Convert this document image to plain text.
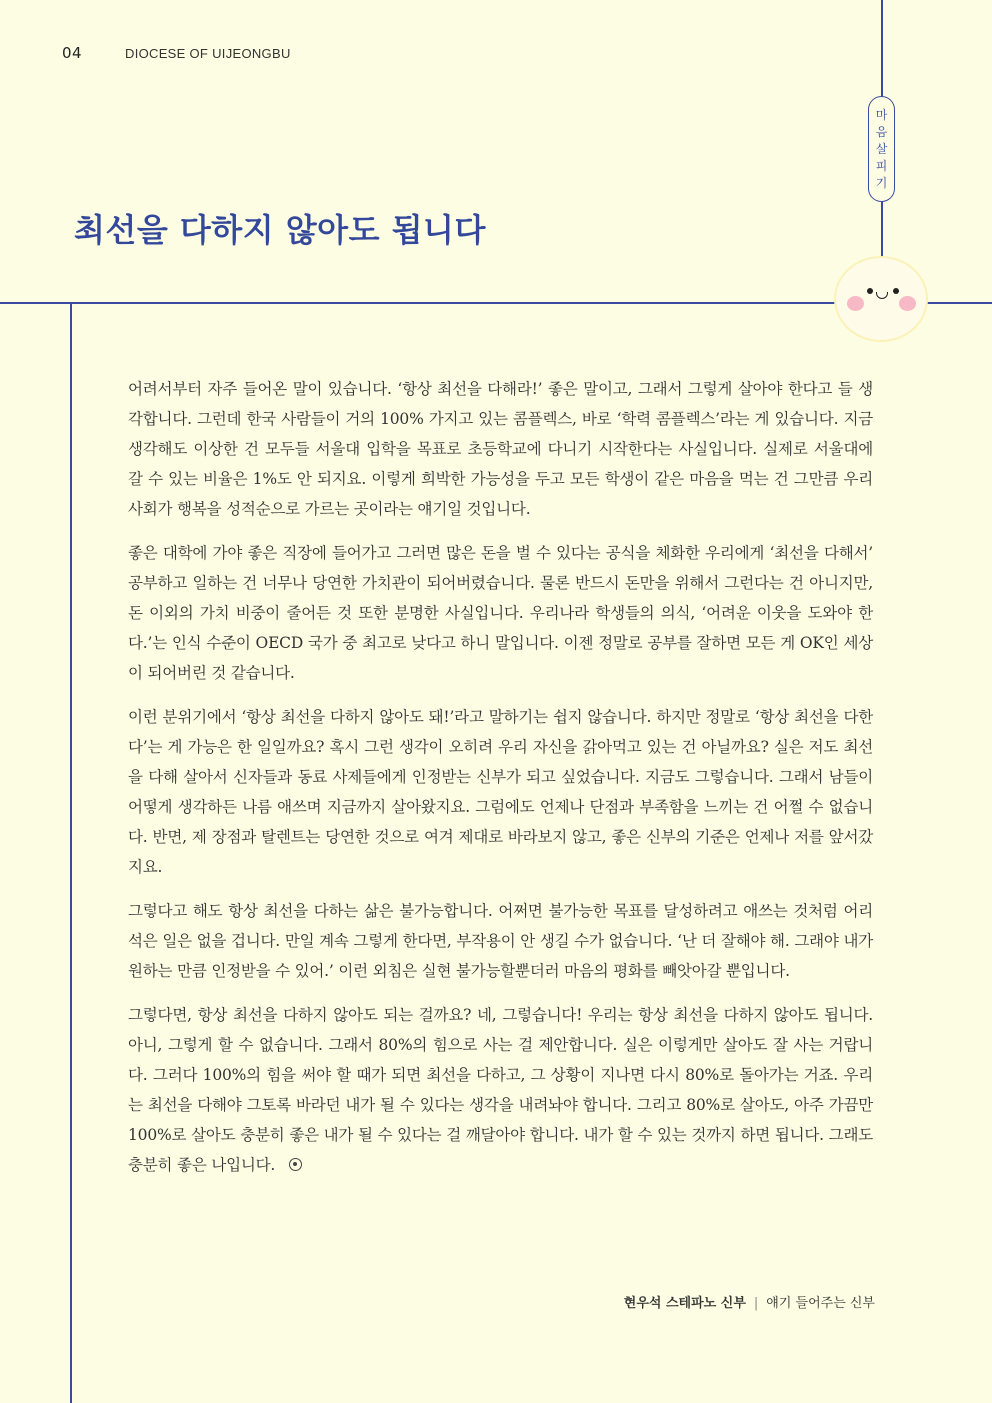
04	DIOCESE OF UIJEONGBU
마
음
살
피
기
최선을 다하지 않아도 됩니다

어려서부터 자주 들어온 말이 있습니다. ‘항상 최선을 다해라!’ 좋은 말이고, 그래서 그렇게 살아야 한다고 들 생각합니다. 그런데 한국 사람들이 거의 100% 가지고 있는 콤플렉스, 바로 ‘학력 콤플렉스’라는 게 있습니다. 지금 생각해도 이상한 건 모두들 서울대 입학을 목표로 초등학교에 다니기 시작한다는 사실입니다. 실제로 서울대에 갈 수 있는 비율은 1%도 안 되지요. 이렇게 희박한 가능성을 두고 모든 학생이 같은 마음을 먹는 건 그만큼 우리 사회가 행복을 성적순으로 가르는 곳이라는 얘기일 것입니다.

좋은 대학에 가야 좋은 직장에 들어가고 그러면 많은 돈을 벌 수 있다는 공식을 체화한 우리에게 ‘최선을 다해서’ 공부하고 일하는 건 너무나 당연한 가치관이 되어버렸습니다. 물론 반드시 돈만을 위해서 그런다는 건 아니지만, 돈 이외의 가치 비중이 줄어든 것 또한 분명한 사실입니다. 우리나라 학생들의 의식, ‘어려운 이웃을 도와야 한다.’는 인식 수준이 OECD 국가 중 최고로 낮다고 하니 말입니다. 이젠 정말로 공부를 잘하면 모든 게 OK인 세상이 되어버린 것 같습니다.

이런 분위기에서 ‘항상 최선을 다하지 않아도 돼!’라고 말하기는 쉽지 않습니다. 하지만 정말로 ‘항상 최선을 다한다’는 게 가능은 한 일일까요? 혹시 그런 생각이 오히려 우리 자신을 갉아먹고 있는 건 아닐까요? 실은 저도 최선을 다해 살아서 신자들과 동료 사제들에게 인정받는 신부가 되고 싶었습니다. 지금도 그렇습니다. 그래서 남들이 어떻게 생각하든 나름 애쓰며 지금까지 살아왔지요. 그럼에도 언제나 단점과 부족함을 느끼는 건 어쩔 수 없습니다. 반면, 제 장점과 탈렌트는 당연한 것으로 여겨 제대로 바라보지 않고, 좋은 신부의 기준은 언제나 저를 앞서갔지요.

그렇다고 해도 항상 최선을 다하는 삶은 불가능합니다. 어쩌면 불가능한 목표를 달성하려고 애쓰는 것처럼 어리석은 일은 없을 겁니다. 만일 계속 그렇게 한다면, 부작용이 안 생길 수가 없습니다. ‘난 더 잘해야 해. 그래야 내가 원하는 만큼 인정받을 수 있어.’ 이런 외침은 실현 불가능할뿐더러 마음의 평화를 빼앗아갈 뿐입니다.

그렇다면, 항상 최선을 다하지 않아도 되는 걸까요? 네, 그렇습니다! 우리는 항상 최선을 다하지 않아도 됩니다. 아니, 그렇게 할 수 없습니다. 그래서 80%의 힘으로 사는 걸 제안합니다. 실은 이렇게만 살아도 잘 사는 거랍니다. 그러다 100%의 힘을 써야 할 때가 되면 최선을 다하고, 그 상황이 지나면 다시 80%로 돌아가는 거죠. 우리는 최선을 다해야 그토록 바라던 내가 될 수 있다는 생각을 내려놔야 합니다. 그리고 80%로 살아도, 아주 가끔만 100%로 살아도 충분히 좋은 내가 될 수 있다는 걸 깨달아야 합니다. 내가 할 수 있는 것까지 하면 됩니다. 그래도 충분히 좋은 나입니다.

현우석 스테파노 신부 | 얘기 들어주는 신부
